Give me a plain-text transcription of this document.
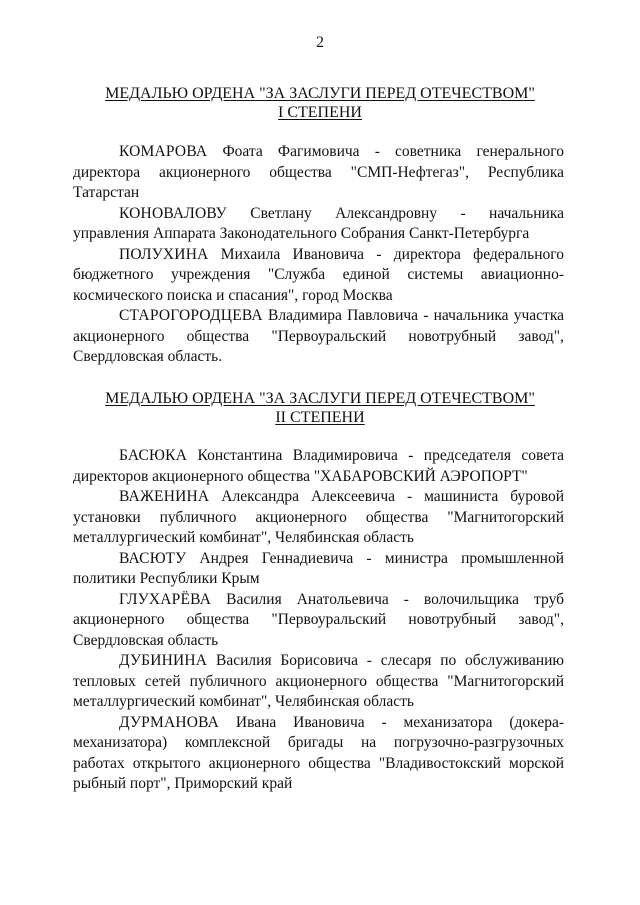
2
МЕДАЛЬЮ ОРДЕНА "ЗА ЗАСЛУГИ ПЕРЕД ОТЕЧЕСТВОМ"
I СТЕПЕНИ

КОМАРОВА Фоата Фагимовича - советника генерального директора акционерного общества "СМП-Нефтегаз", Республика Татарстан

КОНОВАЛОВУ Светлану Александровну - начальника управления Аппарата Законодательного Собрания Санкт-Петербурга

ПОЛУХИНА Михаила Ивановича - директора федерального бюджетного учреждения "Служба единой системы авиационно-космического поиска и спасания", город Москва

СТАРОГОРОДЦЕВА Владимира Павловича - начальника участка акционерного общества "Первоуральский новотрубный завод", Свердловская область.

МЕДАЛЬЮ ОРДЕНА "ЗА ЗАСЛУГИ ПЕРЕД ОТЕЧЕСТВОМ"
II СТЕПЕНИ

БАСЮКА Константина Владимировича - председателя совета директоров акционерного общества "ХАБАРОВСКИЙ АЭРОПОРТ"

ВАЖЕНИНА Александра Алексеевича - машиниста буровой установки публичного акционерного общества "Магнитогорский металлургический комбинат", Челябинская область

ВАСЮТУ Андрея Геннадиевича - министра промышленной политики Республики Крым

ГЛУХАРЁВА Василия Анатольевича - волочильщика труб акционерного общества "Первоуральский новотрубный завод", Свердловская область

ДУБИНИНА Василия Борисовича - слесаря по обслуживанию тепловых сетей публичного акционерного общества "Магнитогорский металлургический комбинат", Челябинская область

ДУРМАНОВА Ивана Ивановича - механизатора (докера-механизатора) комплексной бригады на погрузочно-разгрузочных работах открытого акционерного общества "Владивостокский морской рыбный порт", Приморский край
